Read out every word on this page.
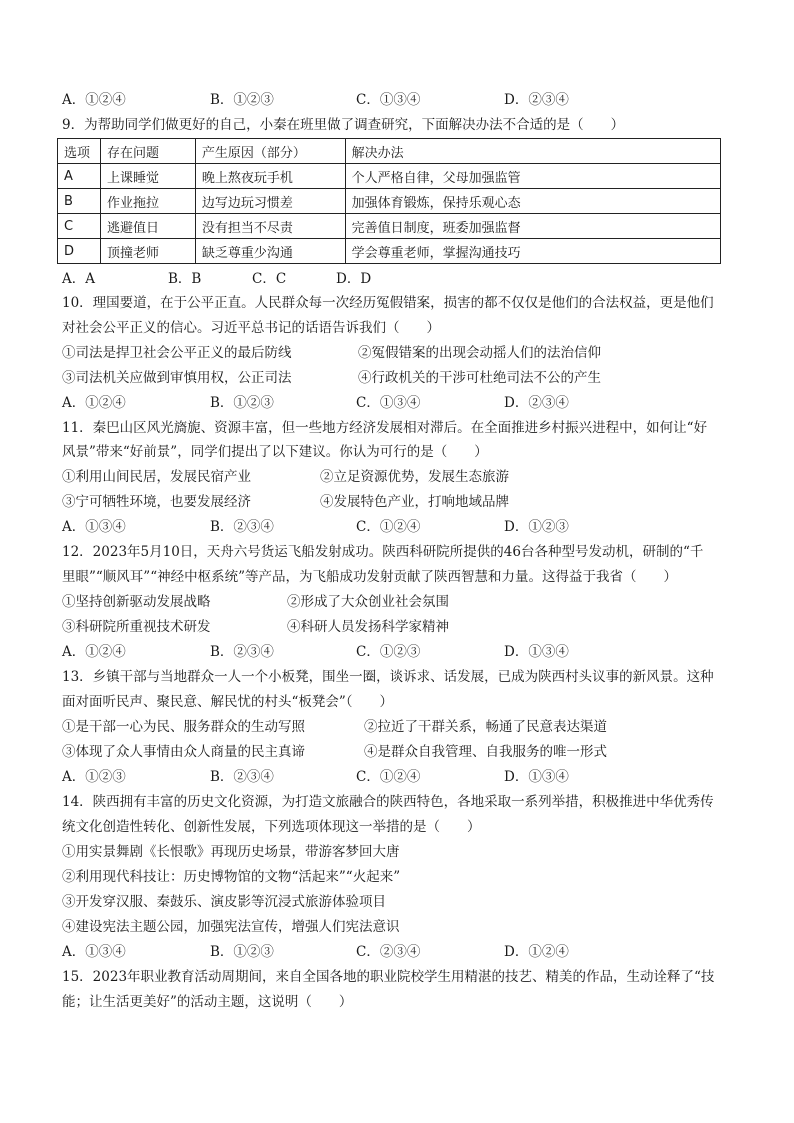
A．①②④	B．①②③	C．①③④	D．②③④
9．为帮助同学们做更好的自己，小秦在班里做了调查研究，下面解决办法不合适的是（　　）
选项	存在问题	产生原因（部分）	解决办法
A	上课睡觉	晚上熬夜玩手机	个人严格自律，父母加强监管
B	作业拖拉	边写边玩习惯差	加强体育锻炼，保持乐观心态
C	逃避值日	没有担当不尽责	完善值日制度，班委加强监督
D	顶撞老师	缺乏尊重少沟通	学会尊重老师，掌握沟通技巧
A．A	B．B	C．C	D．D
10．理国要道，在于公平正直。人民群众每一次经历冤假错案，损害的都不仅仅是他们的合法权益，更是他们
对社会公平正义的信心。习近平总书记的话语告诉我们（　　）
①司法是捍卫社会公平正义的最后防线	②冤假错案的出现会动摇人们的法治信仰
③司法机关应做到审慎用权，公正司法	④行政机关的干涉可杜绝司法不公的产生
A．①②④	B．①②③	C．①③④	D．②③④
11．秦巴山区风光旖旎、资源丰富，但一些地方经济发展相对滞后。在全面推进乡村振兴进程中，如何让“好
风景”带来“好前景”，同学们提出了以下建议。你认为可行的是（　　）
①利用山间民居，发展民宿产业	②立足资源优势，发展生态旅游
③宁可牺牲环境，也要发展经济	④发展特色产业，打响地域品牌
A．①③④	B．②③④	C．①②④	D．①②③
12．2023年5月10日，天舟六号货运飞船发射成功。陕西科研院所提供的46台各种型号发动机，研制的“千
里眼”“顺风耳”“神经中枢系统”等产品，为飞船成功发射贡献了陕西智慧和力量。这得益于我省（　　）
①坚持创新驱动发展战略	②形成了大众创业社会氛围
③科研院所重视技术研发	④科研人员发扬科学家精神
A．①②④	B．②③④	C．①②③	D．①③④
13．乡镇干部与当地群众一人一个小板凳，围坐一圈，谈诉求、话发展，已成为陕西村头议事的新风景。这种
面对面听民声、聚民意、解民忧的村头“板凳会”（　　）
①是干部一心为民、服务群众的生动写照	②拉近了干群关系，畅通了民意表达渠道
③体现了众人事情由众人商量的民主真谛	④是群众自我管理、自我服务的唯一形式
A．①②③	B．②③④	C．①②④	D．①③④
14．陕西拥有丰富的历史文化资源，为打造文旅融合的陕西特色，各地采取一系列举措，积极推进中华优秀传
统文化创造性转化、创新性发展，下列选项体现这一举措的是（　　）
①用实景舞剧《长恨歌》再现历史场景，带游客梦回大唐
②利用现代科技让：历史博物馆的文物“活起来”“火起来”
③开发穿汉服、秦鼓乐、演皮影等沉浸式旅游体验项目
④建设宪法主题公园，加强宪法宣传，增强人们宪法意识
A．①③④	B．①②③	C．②③④	D．①②④
15．2023年职业教育活动周期间，来自全国各地的职业院校学生用精湛的技艺、精美的作品，生动诠释了“技
能；让生活更美好”的活动主题，这说明（　　）
